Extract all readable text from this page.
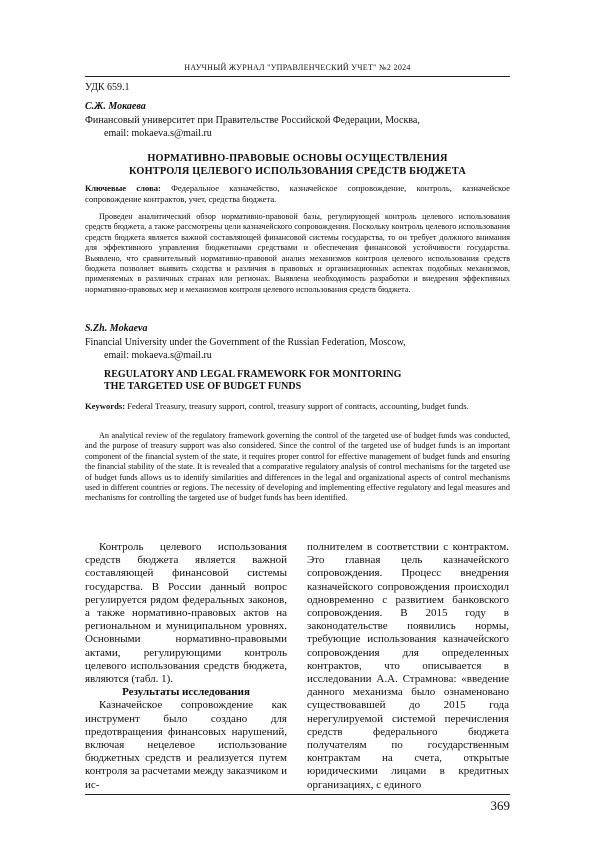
НАУЧНЫЙ ЖУРНАЛ "УПРАВЛЕНЧЕСКИЙ УЧЕТ" №2 2024
УДК 659.1
С.Ж. Мокаева
Финансовый университет при Правительстве Российской Федерации, Москва,
email: mokaeva.s@mail.ru
НОРМАТИВНО-ПРАВОВЫЕ ОСНОВЫ ОСУЩЕСТВЛЕНИЯ
КОНТРОЛЯ ЦЕЛЕВОГО ИСПОЛЬЗОВАНИЯ СРЕДСТВ БЮДЖЕТА
Ключевые слова: Федеральное казначейство, казначейское сопровождение, контроль, казначейское сопровождение контрактов, учет, средства бюджета.
Проведен аналитический обзор нормативно-правовой базы, регулирующей контроль целевого использования средств бюджета, а также рассмотрены цели казначейского сопровождения. Поскольку контроль целевого использования средств бюджета является важной составляющей финансовой системы государства, то он требует должного внимания для эффективного управления бюджетными средствами и обеспечения финансовой устойчивости государства. Выявлено, что сравнительный нормативно-правовой анализ механизмов контроля целевого использования средств бюджета позволяет выявить сходства и различия в правовых и организационных аспектах подобных механизмов, применяемых в различных странах или регионах. Выявлена необходимость разработки и внедрения эффективных нормативно-правовых мер и механизмов контроля целевого использования средств бюджета.
S.Zh. Mokaeva
Financial University under the Government of the Russian Federation, Moscow,
email: mokaeva.s@mail.ru
REGULATORY AND LEGAL FRAMEWORK FOR MONITORING
THE TARGETED USE OF BUDGET FUNDS
Keywords: Federal Treasury, treasury support, control, treasury support of contracts, accounting, budget funds.
An analytical review of the regulatory framework governing the control of the targeted use of budget funds was conducted, and the purpose of treasury support was also considered. Since the control of the targeted use of budget funds is an important component of the financial system of the state, it requires proper control for effective management of budget funds and ensuring the financial stability of the state. It is revealed that a comparative regulatory analysis of control mechanisms for the targeted use of budget funds allows us to identify similarities and differences in the legal and organizational aspects of control mechanisms used in different countries or regions. The necessity of developing and implementing effective regulatory and legal measures and mechanisms for controlling the targeted use of budget funds has been identified.

Контроль целевого использования средств бюджета является важной составляющей финансовой системы государства. В России данный вопрос регулируется рядом федеральных законов, а также нормативно-правовых актов на региональном и муниципальном уровнях. Основными нормативно-правовыми актами, регулирующими контроль целевого использования средств бюджета, являются (табл. 1).

Результаты исследования

Казначейское сопровождение как инструмент было создано для предотвращения финансовых нарушений, включая нецелевое использование бюджетных средств и реализуется путем контроля за расчетами между заказчиком и ис-

полнителем в соответствии с контрактом. Это главная цель казначейского сопровождения. Процесс внедрения казначейского сопровождения происходил одновременно с развитием банковского сопровождения. В 2015 году в законодательстве появились нормы, требующие использования казначейского сопровождения для определенных контрактов, что описывается в исследовании А.А. Страмнова: «введение данного механизма было ознаменовано существовавшей до 2015 года нерегулируемой системой перечисления средств федерального бюджета получателям по государственным контрактам на счета, открытые юридическими лицами в кредитных организациях, с единого

369
